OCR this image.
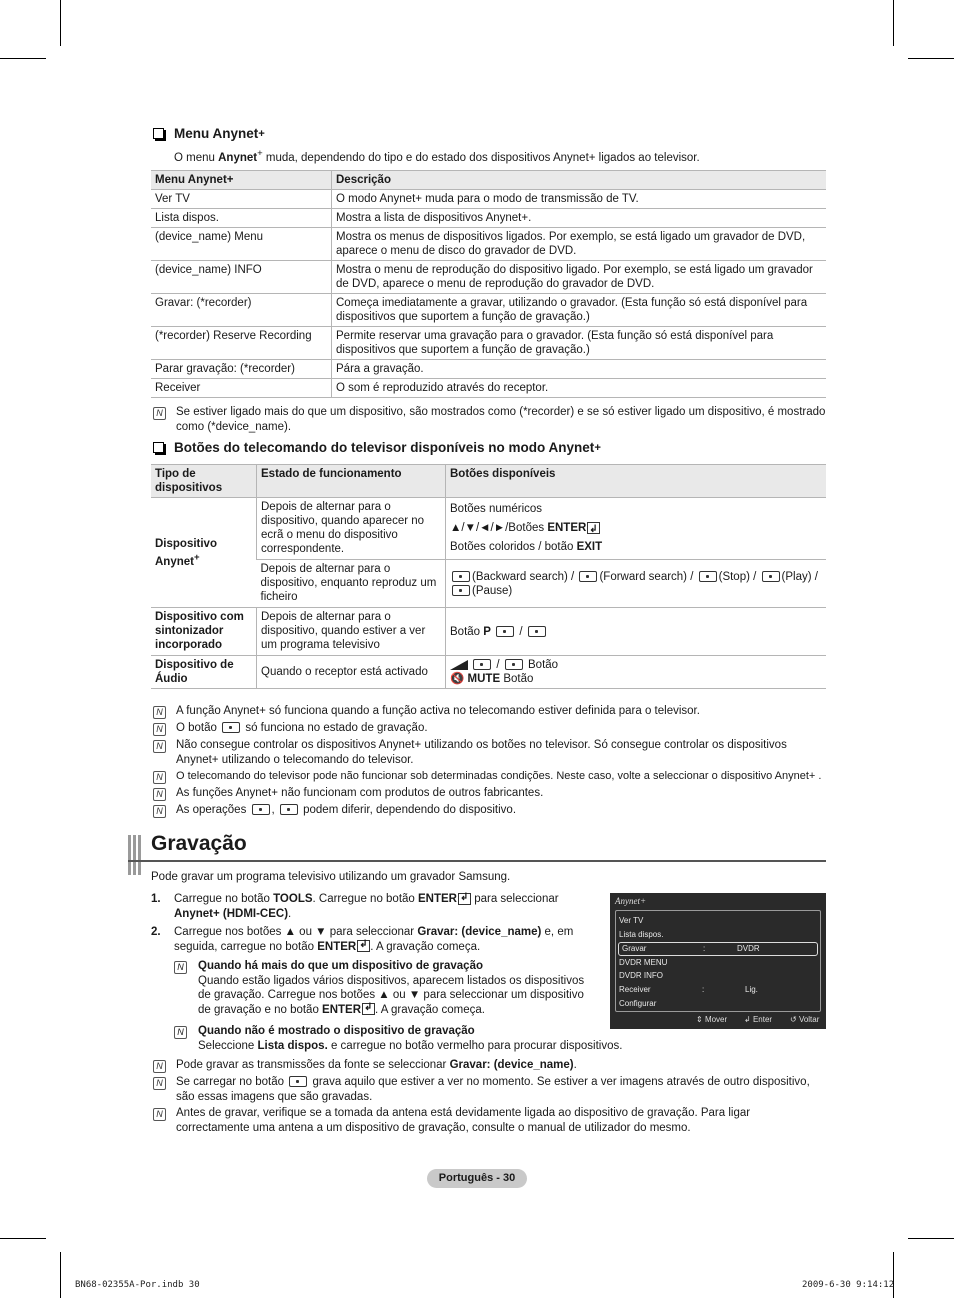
Menu Anynet +

O menu Anynet+ muda, dependendo do tipo e do estado dos dispositivos Anynet+ ligados ao televisor.

Menu Anynet+	Descrição
Ver TV	O modo Anynet+ muda para o modo de transmissão de TV.
Lista dispos.	Mostra a lista de dispositivos Anynet+.
(device_name) Menu	Mostra os menus de dispositivos ligados. Por exemplo, se está ligado um gravador de DVD, aparece o menu de disco do gravador de DVD.
(device_name) INFO	Mostra o menu de reprodução do dispositivo ligado. Por exemplo, se está ligado um gravador de DVD, aparece o menu de reprodução do gravador de DVD.
Gravar: (*recorder)	Começa imediatamente a gravar, utilizando o gravador. (Esta função só está disponível para dispositivos que suportem a função de gravação.)
(*recorder) Reserve Recording	Permite reservar uma gravação para o gravador. (Esta função só está disponível para dispositivos que suportem a função de gravação.)
Parar gravação: (*recorder)	Pára a gravação.
Receiver	O som é reproduzido através do receptor.
N Se estiver ligado mais do que um dispositivo, são mostrados como (*recorder) e se só estiver ligado um dispositivo, é mostrado como (*device_name).
Botões do telecomando do televisor disponíveis no modo Anynet +
Tipo de dispositivos	Estado de funcionamento	Botões disponíveis
Dispositivo Anynet+	Depois de alternar para o dispositivo, quando aparecer no ecrã o menu do dispositivo correspondente.	Botões numéricos
▲/▼/◄/►/Botões ENTER↲
Botões coloridos / botão EXIT

	Depois de alternar para o dispositivo, enquanto reproduz um ficheiro	(Backward search) / (Forward search) / (Stop) / (Play) /
(Pause)
Dispositivo com sintonizador incorporado	Depois de alternar para o dispositivo, quando estiver a ver um programa televisivo	Botão P  /
Dispositivo de Áudio	Quando o receptor está activado	/  Botão
🔇 MUTE Botão
N A função Anynet+ só funciona quando a função activa no telecomando estiver definida para o televisor.
N O botão só funciona no estado de gravação.
N Não consegue controlar os dispositivos Anynet+ utilizando os botões no televisor. Só consegue controlar os dispositivos Anynet+ utilizando o telecomando do televisor.
N O telecomando do televisor pode não funcionar sob determinadas condições. Neste caso, volte a seleccionar o dispositivo Anynet+ .
N As funções Anynet+ não funcionam com produtos de outros fabricantes.
N As operações ,  podem diferir, dependendo do dispositivo.
Gravação

Pode gravar um programa televisivo utilizando um gravador Samsung.

1. Carregue no botão TOOLS. Carregue no botão ENTER↲ para seleccionar Anynet+ (HDMI-CEC).
2. Carregue nos botões ▲ ou ▼ para seleccionar Gravar: (device_name) e, em seguida, carregue no botão ENTER ↲ . A gravação começa.
N Quando há mais do que um dispositivo de gravação
Quando estão ligados vários dispositivos, aparecem listados os dispositivos de gravação. Carregue nos botões ▲ ou ▼ para seleccionar um dispositivo de gravação e no botão ENTER ↲ . A gravação começa.
N Quando não é mostrado o dispositivo de gravação
Seleccione Lista dispos. e carregue no botão vermelho para procurar dispositivos.
N Pode gravar as transmissões da fonte se seleccionar Gravar: (device_name).
N Se carregar no botão grava aquilo que estiver a ver no momento. Se estiver a ver imagens através de outro dispositivo, são essas imagens que são gravadas.
N Antes de gravar, verifique se a tomada da antena está devidamente ligada ao dispositivo de gravação. Para ligar correctamente uma antena a um dispositivo de gravação, consulte o manual de utilizador do mesmo.
Anynet+
Ver TV
Lista dispos.
Gravar	:	DVDR
DVDR MENU
DVDR INFO
Receiver	:	Lig.
Configurar
⇕ Mover ↲ Enter ↺ Voltar
Português - 30
BN68-02355A-Por.indb 30	2009-6-30 9:14:12
